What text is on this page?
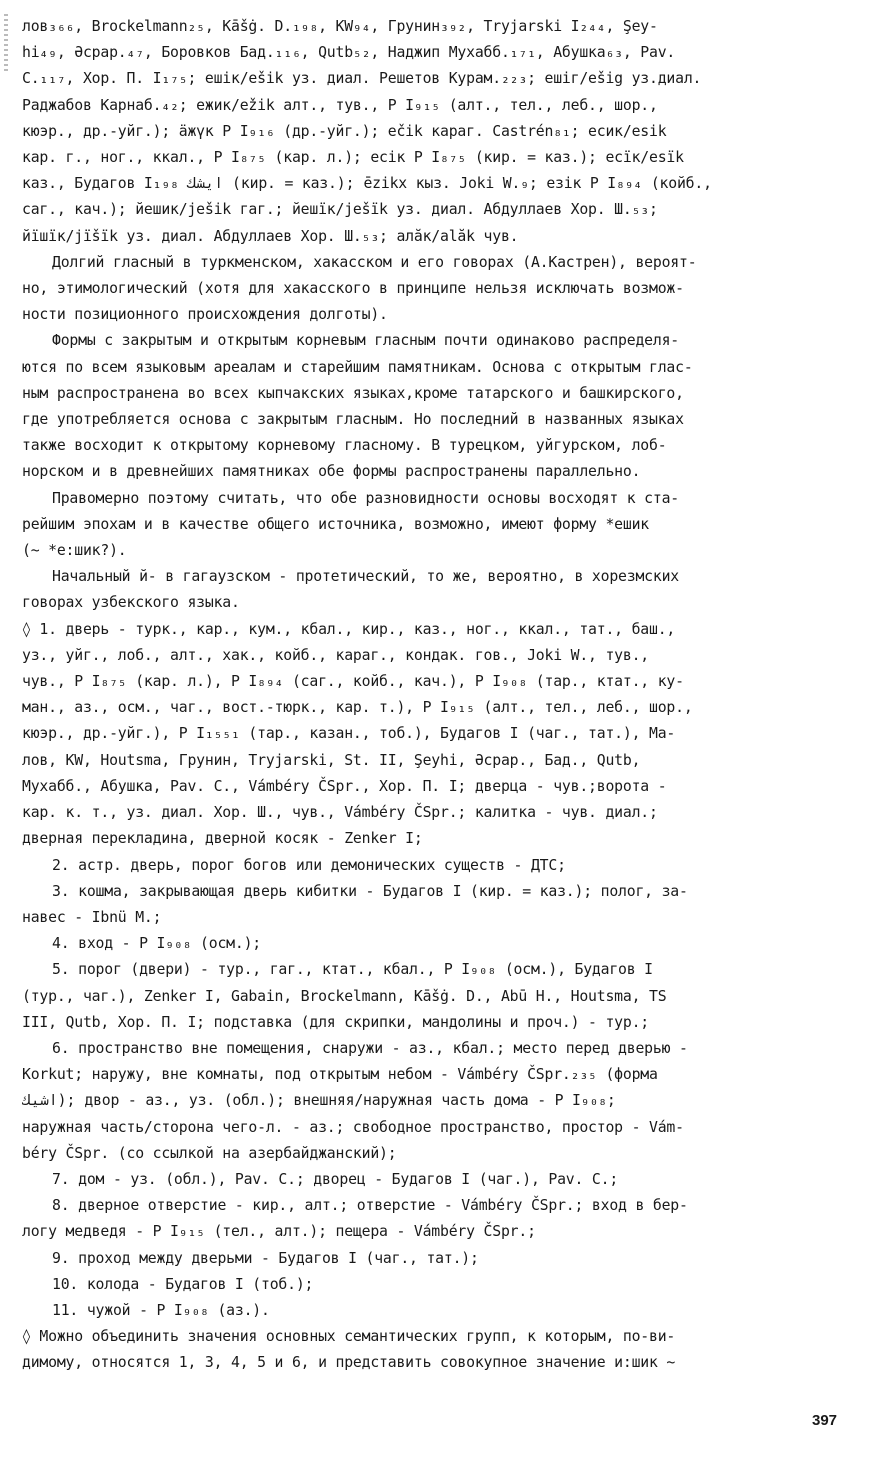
лов₃₆₆, Brockelmann₂₅, Kāšġ. D.₁₉₈, KW₉₄, Грунин₃₉₂, Tryjarski I₂₄₄, Şey-
hi₄₉, Әсрар.₄₇, Боровков Бад.₁₁₆, Qutb₅₂, Наджип Мухабб.₁₇₁, Абушка₆₃, Pav.
C.₁₁₇, Хор. П. I₁₇₅; ешік/ešik уз. диал. Решетов Курам.₂₂₃; ешіг/ešig уз.диал.
Раджабов Карнаб.₄₂; ежик/ežik алт., тув., Р I₉₁₅ (алт., тел., леб., шор.,
кюэр., др.-уйг.); ӓжүк Р I₉₁₆ (др.-уйг.); ečik караг. Castrén₈₁; есик/esik
кар. г., ног., ккал., Р I₈₇₅ (кар. л.); есік Р I₈₇₅ (кир. = каз.); есїк/esïk
каз., Будагов I₁₉₈ ايشك (кир. = каз.); ēzikx кыз. Joki W.₉; езік Р I₈₉₄ (койб.,
саг., кач.); йешик/ješik гаг.; йешїк/ješïk уз. диал. Абдуллаев Хор. Ш.₅₃;
йїшїк/jïšïk уз. диал. Абдуллаев Хор. Ш.₅₃; алӑк/alăk чув.
Долгий гласный в туркменском, хакасском и его говорах (А.Кастрен), вероят-
но, этимологический (хотя для хакасского в принципе нельзя исключать возмож-
ности позиционного происхождения долготы).
Формы с закрытым и открытым корневым гласным почти одинаково распределя-
ются по всем языковым ареалам и старейшим памятникам. Основа с открытым глас-
ным распространена во всех кыпчакских языках,кроме татарского и башкирского,
где употребляется основа с закрытым гласным. Но последний в названных языках
также восходит к открытому корневому гласному. В турецком, уйгурском, лоб-
норском и в древнейших памятниках обе формы распространены параллельно.
Правомерно поэтому считать, что обе разновидности основы восходят к ста-
рейшим эпохам и в качестве общего источника, возможно, имеют форму *ешик
(~ *е:шик?).
Начальный й- в гагаузском - протетический, то же, вероятно, в хорезмских
говорах узбекского языка.
◊ 1. дверь - турк., кар., кум., кбал., кир., каз., ног., ккал., тат., баш.,
уз., уйг., лоб., алт., хак., койб., караг., кондак. гов., Joki W., тув.,
чув., Р I₈₇₅ (кар. л.), Р I₈₉₄ (саг., койб., кач.), Р I₉₀₈ (тар., ктат., ку-
ман., аз., осм., чаг., вост.-тюрк., кар. т.), Р I₉₁₅ (алт., тел., леб., шор.,
кюэр., др.-уйг.), Р I₁₅₅₁ (тар., казан., тоб.), Будагов I (чаг., тат.), Ма-
лов, KW, Houtsma, Грунин, Tryjarski, St. II, Şeyhi, Әсрар., Бад., Qutb,
Мухабб., Абушка, Pav. C., Vámbéry ČSpr., Хор. П. I; дверца - чув.;ворота -
кар. к. т., уз. диал. Хор. Ш., чув., Vámbéry ČSpr.; калитка - чув. диал.;
дверная перекладина, дверной косяк - Zenker I;
2. астр. дверь, порог богов или демонических существ - ДТС;
3. кошма, закрывающая дверь кибитки - Будагов I (кир. = каз.); полог, за-
навес - Ibnü M.;
4. вход - Р I₉₀₈ (осм.);
5. порог (двери) - тур., гаг., ктат., кбал., Р I₉₀₈ (осм.), Будагов I
(тур., чаг.), Zenker I, Gabain, Brockelmann, Kāšġ. D., Abū H., Houtsma, TS
III, Qutb, Хор. П. I; подставка (для скрипки, мандолины и проч.) - тур.;
6. пространство вне помещения, снаружи - аз., кбал.; место перед дверью -
Korkut; наружу, вне комнаты, под открытым небом - Vámbéry ČSpr.₂₃₅ (форма
اشيك); двор - аз., уз. (обл.); внешняя/наружная часть дома - Р I₉₀₈;
наружная часть/сторона чего-л. - аз.; свободное пространство, простор - Vám-
béry ČSpr. (со ссылкой на азербайджанский);
7. дом - уз. (обл.), Pav. C.; дворец - Будагов I (чаг.), Pav. C.;
8. дверное отверстие - кир., алт.; отверстие - Vámbéry ČSpr.; вход в бер-
логу медведя - Р I₉₁₅ (тел., алт.); пещера - Vámbéry ČSpr.;
9. проход между дверьми - Будагов I (чаг., тат.);
10. колода - Будагов I (тоб.);
11. чужой - Р I₉₀₈ (аз.).
◊ Можно объединить значения основных семантических групп, к которым, по-ви-
димому, относятся 1, 3, 4, 5 и 6, и представить совокупное значение и:шик ~
397
